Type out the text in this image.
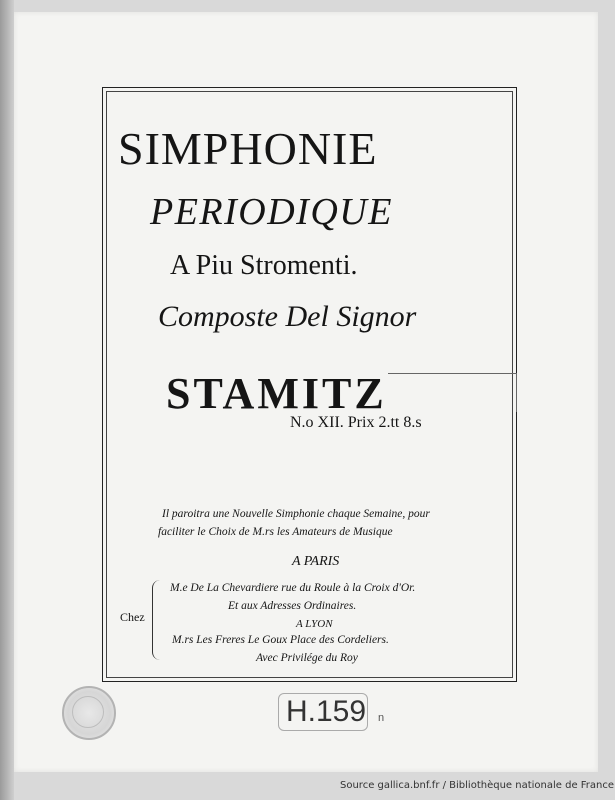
SIMPHONIE
PERIODIQUE
A Piu Stromenti.
Composte Del Signor
STAMITZ
N.o XII. Prix 2.tt 8.s
Il paroitra une Nouvelle Simphonie chaque Semaine, pour
faciliter le Choix de M.rs les Amateurs de Musique
A PARIS
M.e De La Chevardiere rue du Roule à la Croix d'Or.
Et aux Adresses Ordinaires.
A LYON
M.rs Les Freres Le Goux Place des Cordeliers.
Avec Privilége du Roy
Chez
H.159 n
Source gallica.bnf.fr / Bibliothèque nationale de France
